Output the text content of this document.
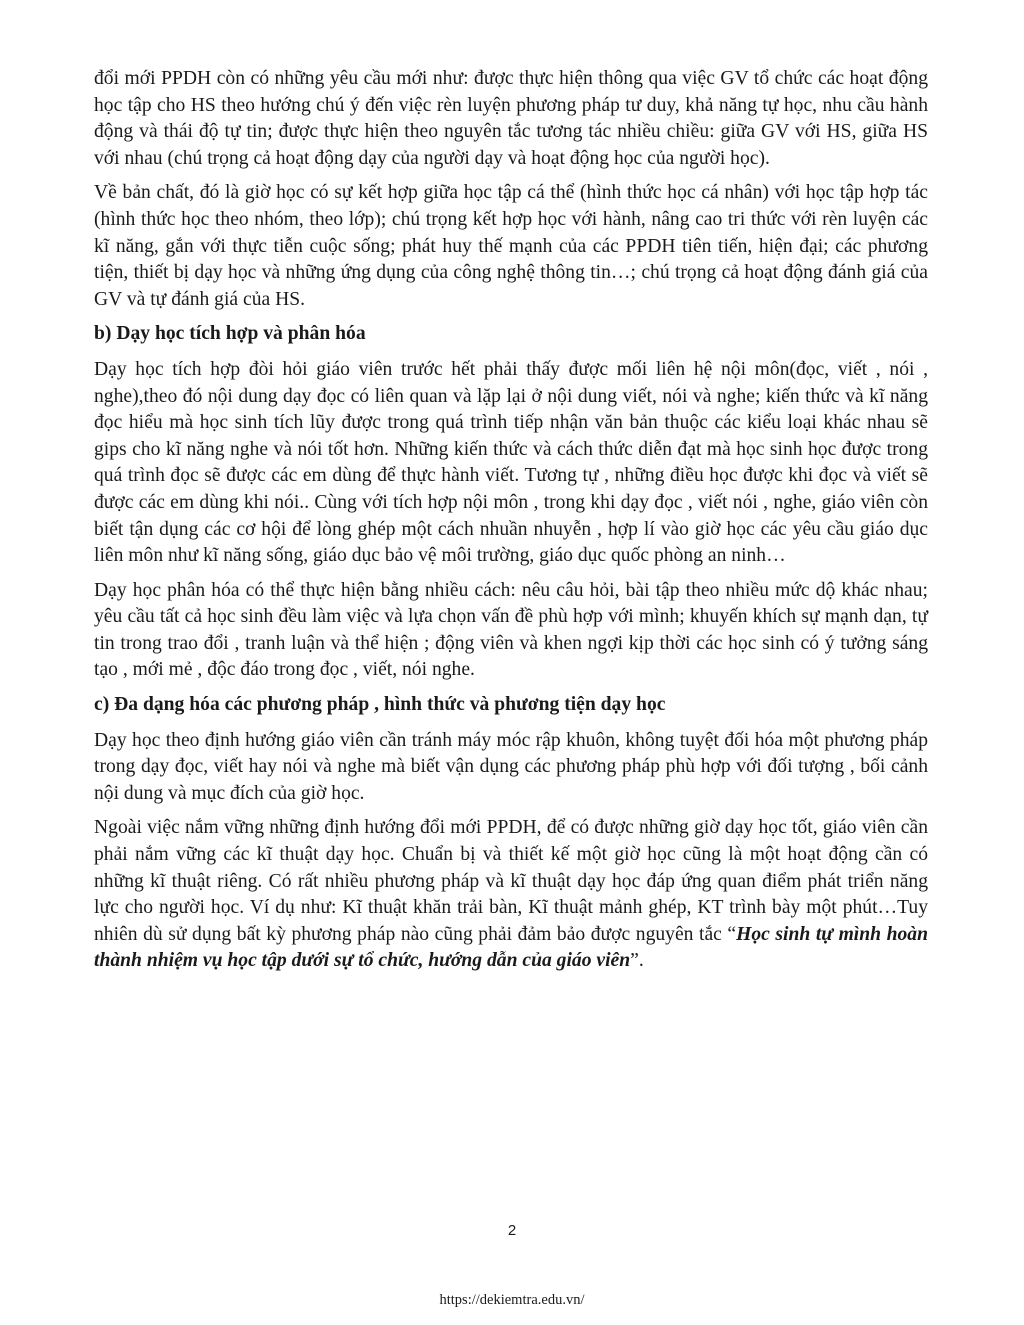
đổi mới PPDH còn có những yêu cầu mới như: được thực hiện thông qua việc GV tổ chức các hoạt động học tập cho HS theo hướng chú ý đến việc rèn luyện phương pháp tư duy, khả năng tự học, nhu cầu hành động và thái độ tự tin; được thực hiện theo nguyên tắc tương tác nhiều chiều: giữa GV với HS, giữa HS với nhau (chú trọng cả hoạt động dạy của người dạy và hoạt động học của người học).

Về bản chất, đó là giờ học có sự kết hợp giữa học tập cá thể (hình thức học cá nhân) với học tập hợp tác (hình thức học theo nhóm, theo lớp); chú trọng kết hợp học với hành, nâng cao tri thức với rèn luyện các kĩ năng, gắn với thực tiễn cuộc sống; phát huy thế mạnh của các PPDH tiên tiến, hiện đại; các phương tiện, thiết bị dạy học và những ứng dụng của công nghệ thông tin…; chú trọng cả hoạt động đánh giá của GV và tự đánh giá của HS.

b) Dạy học tích hợp và phân hóa

Dạy học tích hợp đòi hỏi giáo viên trước hết phải thấy được mối liên hệ nội môn(đọc, viết , nói , nghe),theo đó nội dung dạy đọc có liên quan và lặp lại ở nội dung viết, nói và nghe; kiến thức và kĩ năng đọc hiểu mà học sinh tích lũy được trong quá trình tiếp nhận văn bản thuộc các kiểu loại khác nhau sẽ gips cho kĩ năng nghe và nói tốt hơn. Những kiến thức và cách thức diễn đạt mà học sinh học được trong quá trình đọc sẽ được các em dùng để thực hành viết. Tương tự , những điều học được khi đọc và viết sẽ được các em dùng khi nói.. Cùng với tích hợp nội môn , trong khi dạy đọc , viết nói , nghe, giáo viên còn biết tận dụng các cơ hội để lòng ghép một cách nhuần nhuyễn , hợp lí vào giờ học các yêu cầu giáo dục liên môn như kĩ năng sống, giáo dục bảo vệ môi trường, giáo dục quốc phòng an ninh…

Dạy học phân hóa có thể thực hiện bằng nhiều cách: nêu câu hỏi, bài tập theo nhiều mức dộ khác nhau; yêu cầu tất cả học sinh đều làm việc và lựa chọn vấn đề phù hợp với mình; khuyến khích sự mạnh dạn, tự tin trong trao đổi , tranh luận và thể hiện ; động viên và khen ngợi kịp thời các học sinh có ý tưởng sáng tạo , mới mẻ , độc đáo trong đọc , viết, nói nghe.

c) Đa dạng hóa các phương pháp , hình thức và phương tiện dạy học

Dạy học theo định hướng giáo viên cần tránh máy móc rập khuôn, không tuyệt đối hóa một phương pháp trong dạy đọc, viết hay nói và nghe mà biết vận dụng các phương pháp phù hợp với đối tượng , bối cảnh nội dung và mục đích của giờ học.

Ngoài việc nắm vững những định hướng đổi mới PPDH, để có được những giờ dạy học tốt, giáo viên cần phải nắm vững các kĩ thuật dạy học. Chuẩn bị và thiết kế một giờ học cũng là một hoạt động cần có những kĩ thuật riêng. Có rất nhiều phương pháp và kĩ thuật dạy học đáp ứng quan điểm phát triển năng lực cho người học. Ví dụ như: Kĩ thuật khăn trải bàn, Kĩ thuật mảnh ghép, KT trình bày một phút…Tuy nhiên dù sử dụng bất kỳ phương pháp nào cũng phải đảm bảo được nguyên tắc “Học sinh tự mình hoàn thành nhiệm vụ học tập dưới sự tổ chức, hướng dẫn của giáo viên”.

2
https://dekiemtra.edu.vn/
